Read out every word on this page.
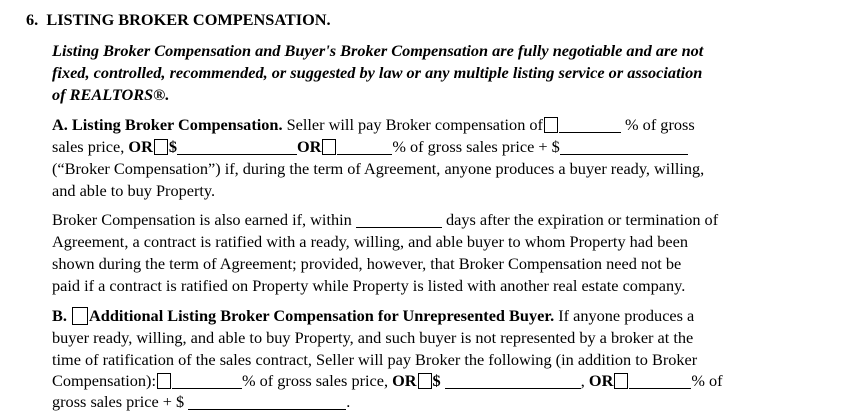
6. LISTING BROKER COMPENSATION.
Listing Broker Compensation and Buyer's Broker Compensation are fully negotiable and are not
fixed, controlled, recommended, or suggested by law or any multiple listing service or association
of REALTORS®.
A. Listing Broker Compensation. Seller will pay Broker compensation of	% of gross
sales price, OR $	OR	% of gross sales price + $
(“Broker Compensation”) if, during the term of Agreement, anyone produces a buyer ready, willing,
and able to buy Property.
Broker Compensation is also earned if, within	days after the expiration or termination of
Agreement, a contract is ratified with a ready, willing, and able buyer to whom Property had been
shown during the term of Agreement; provided, however, that Broker Compensation need not be
paid if a contract is ratified on Property while Property is listed with another real estate company.
B. Additional Listing Broker Compensation for Unrepresented Buyer. If anyone produces a
buyer ready, willing, and able to buy Property, and such buyer is not represented by a broker at the
time of ratification of the sales contract, Seller will pay Broker the following (in addition to Broker
Compensation):	% of gross sales price, OR $	, OR	% of
gross sales price + $	.
